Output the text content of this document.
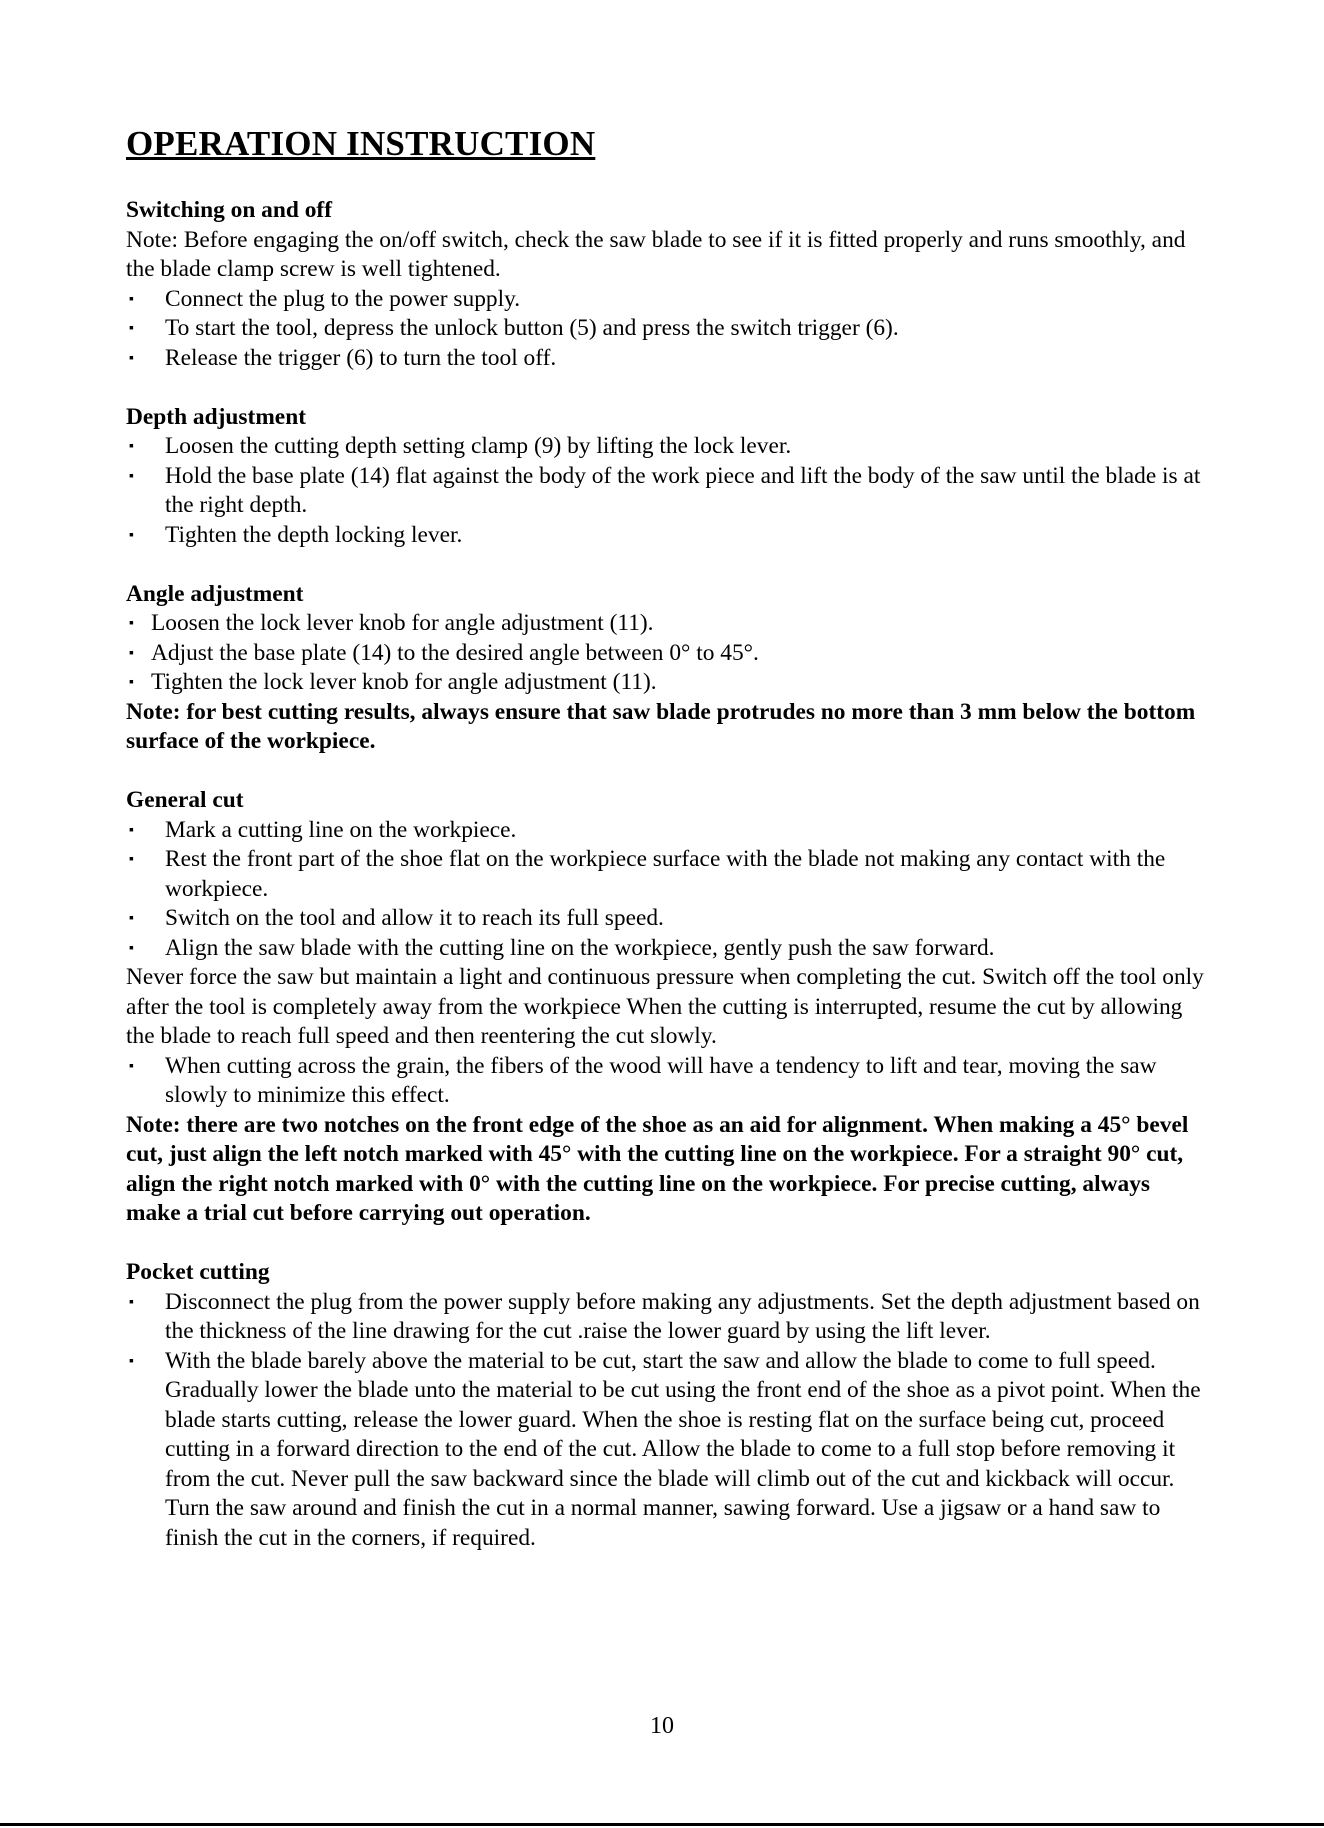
OPERATION INSTRUCTION

Switching on and off

Note: Before engaging the on/off switch, check the saw blade to see if it is fitted properly and runs smoothly, and the blade clamp screw is well tightened.

▪ Connect the plug to the power supply.
▪ To start the tool, depress the unlock button (5) and press the switch trigger (6).
▪ Release the trigger (6) to turn the tool off.

Depth adjustment

▪ Loosen the cutting depth setting clamp (9) by lifting the lock lever.
▪ Hold the base plate (14) flat against the body of the work piece and lift the body of the saw until the blade is at the right depth.
▪ Tighten the depth locking lever.

Angle adjustment

▪ Loosen the lock lever knob for angle adjustment (11).
▪ Adjust the base plate (14) to the desired angle between 0° to 45°.
▪ Tighten the lock lever knob for angle adjustment (11).

Note: for best cutting results, always ensure that saw blade protrudes no more than 3 mm below the bottom surface of the workpiece.

General cut

▪ Mark a cutting line on the workpiece.
▪ Rest the front part of the shoe flat on the workpiece surface with the blade not making any contact with the workpiece.
▪ Switch on the tool and allow it to reach its full speed.
▪ Align the saw blade with the cutting line on the workpiece, gently push the saw forward.

Never force the saw but maintain a light and continuous pressure when completing the cut. Switch off the tool only after the tool is completely away from the workpiece When the cutting is interrupted, resume the cut by allowing the blade to reach full speed and then reentering the cut slowly.

▪ When cutting across the grain, the fibers of the wood will have a tendency to lift and tear, moving the saw slowly to minimize this effect.

Note: there are two notches on the front edge of the shoe as an aid for alignment. When making a 45° bevel cut, just align the left notch marked with 45° with the cutting line on the workpiece. For a straight 90° cut, align the right notch marked with 0° with the cutting line on the workpiece. For precise cutting, always make a trial cut before carrying out operation.

Pocket cutting

▪ Disconnect the plug from the power supply before making any adjustments. Set the depth adjustment based on the thickness of the line drawing for the cut .raise the lower guard by using the lift lever.
▪ With the blade barely above the material to be cut, start the saw and allow the blade to come to full speed. Gradually lower the blade unto the material to be cut using the front end of the shoe as a pivot point. When the blade starts cutting, release the lower guard. When the shoe is resting flat on the surface being cut, proceed cutting in a forward direction to the end of the cut. Allow the blade to come to a full stop before removing it from the cut. Never pull the saw backward since the blade will climb out of the cut and kickback will occur. Turn the saw around and finish the cut in a normal manner, sawing forward. Use a jigsaw or a hand saw to finish the cut in the corners, if required.
10
